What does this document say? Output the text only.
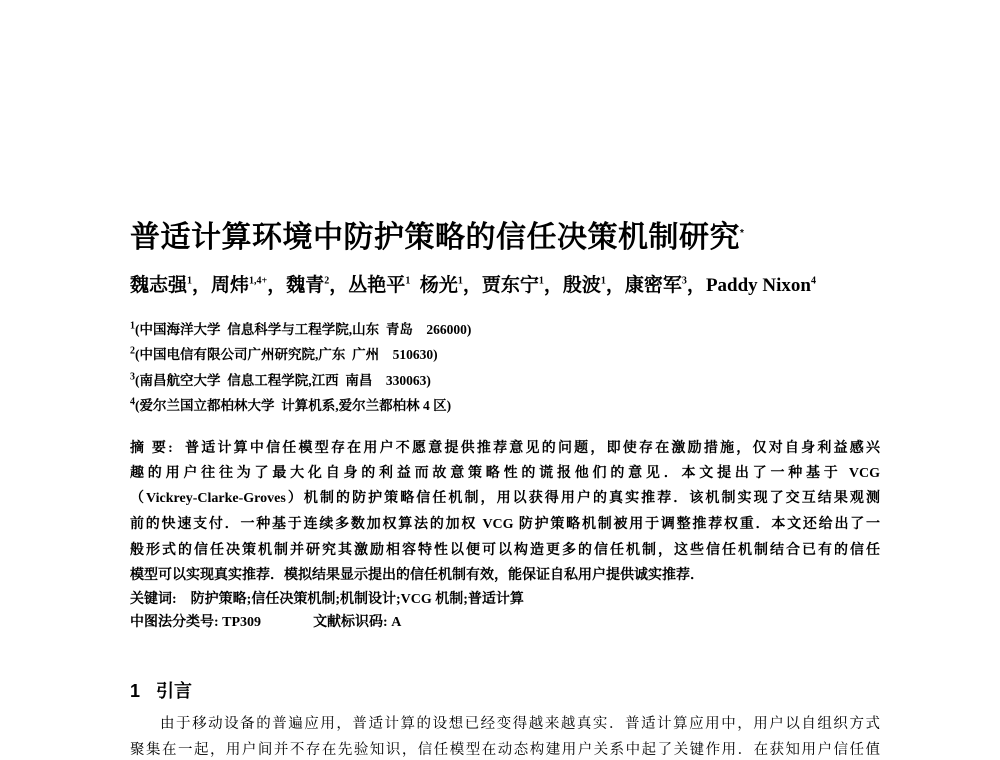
普适计算环境中防护策略的信任决策机制研究*
魏志强$^1$，周炜$^{1,4+}$，魏青$^2$，丛艳平$^1$ 杨光$^1$，贾东宁$^1$，殷波$^1$，康密军$^3$，Paddy Nixon$^4$
$^1$(中国海洋大学  信息科学与工程学院,山东  青岛    266000)
$^2$(中国电信有限公司广州研究院,广东  广州    510630)
$^3$(南昌航空大学  信息工程学院,江西  南昌    330063)
$^4$(爱尔兰国立都柏林大学  计算机系,爱尔兰都柏林 4 区)
摘 要: 普适计算中信任模型存在用户不愿意提供推荐意见的问题，即使存在激励措施，仅对自身利益感兴
趣的用户往往为了最大化自身的利益而故意策略性的谎报他们的意见．本文提出了一种基于 VCG
（Vickrey-Clarke-Groves）机制的防护策略信任机制，用以获得用户的真实推荐．该机制实现了交互结果观测
前的快速支付．一种基于连续多数加权算法的加权 VCG 防护策略机制被用于调整推荐权重．本文还给出了一
般形式的信任决策机制并研究其激励相容特性以便可以构造更多的信任机制，这些信任机制结合已有的信任
模型可以实现真实推荐．模拟结果显示提出的信任机制有效，能保证自私用户提供诚实推荐．
关键词: 防护策略;信任决策机制;机制设计;VCG 机制;普适计算
中图法分类号: TP309	文献标识码: A
1 引言
由于移动设备的普遍应用，普适计算的设想已经变得越来越真实．普适计算应用中，用户以自组织方式
聚集在一起，用户间并不存在先验知识，信任模型在动态构建用户关系中起了关键作用．在获知用户信任值
